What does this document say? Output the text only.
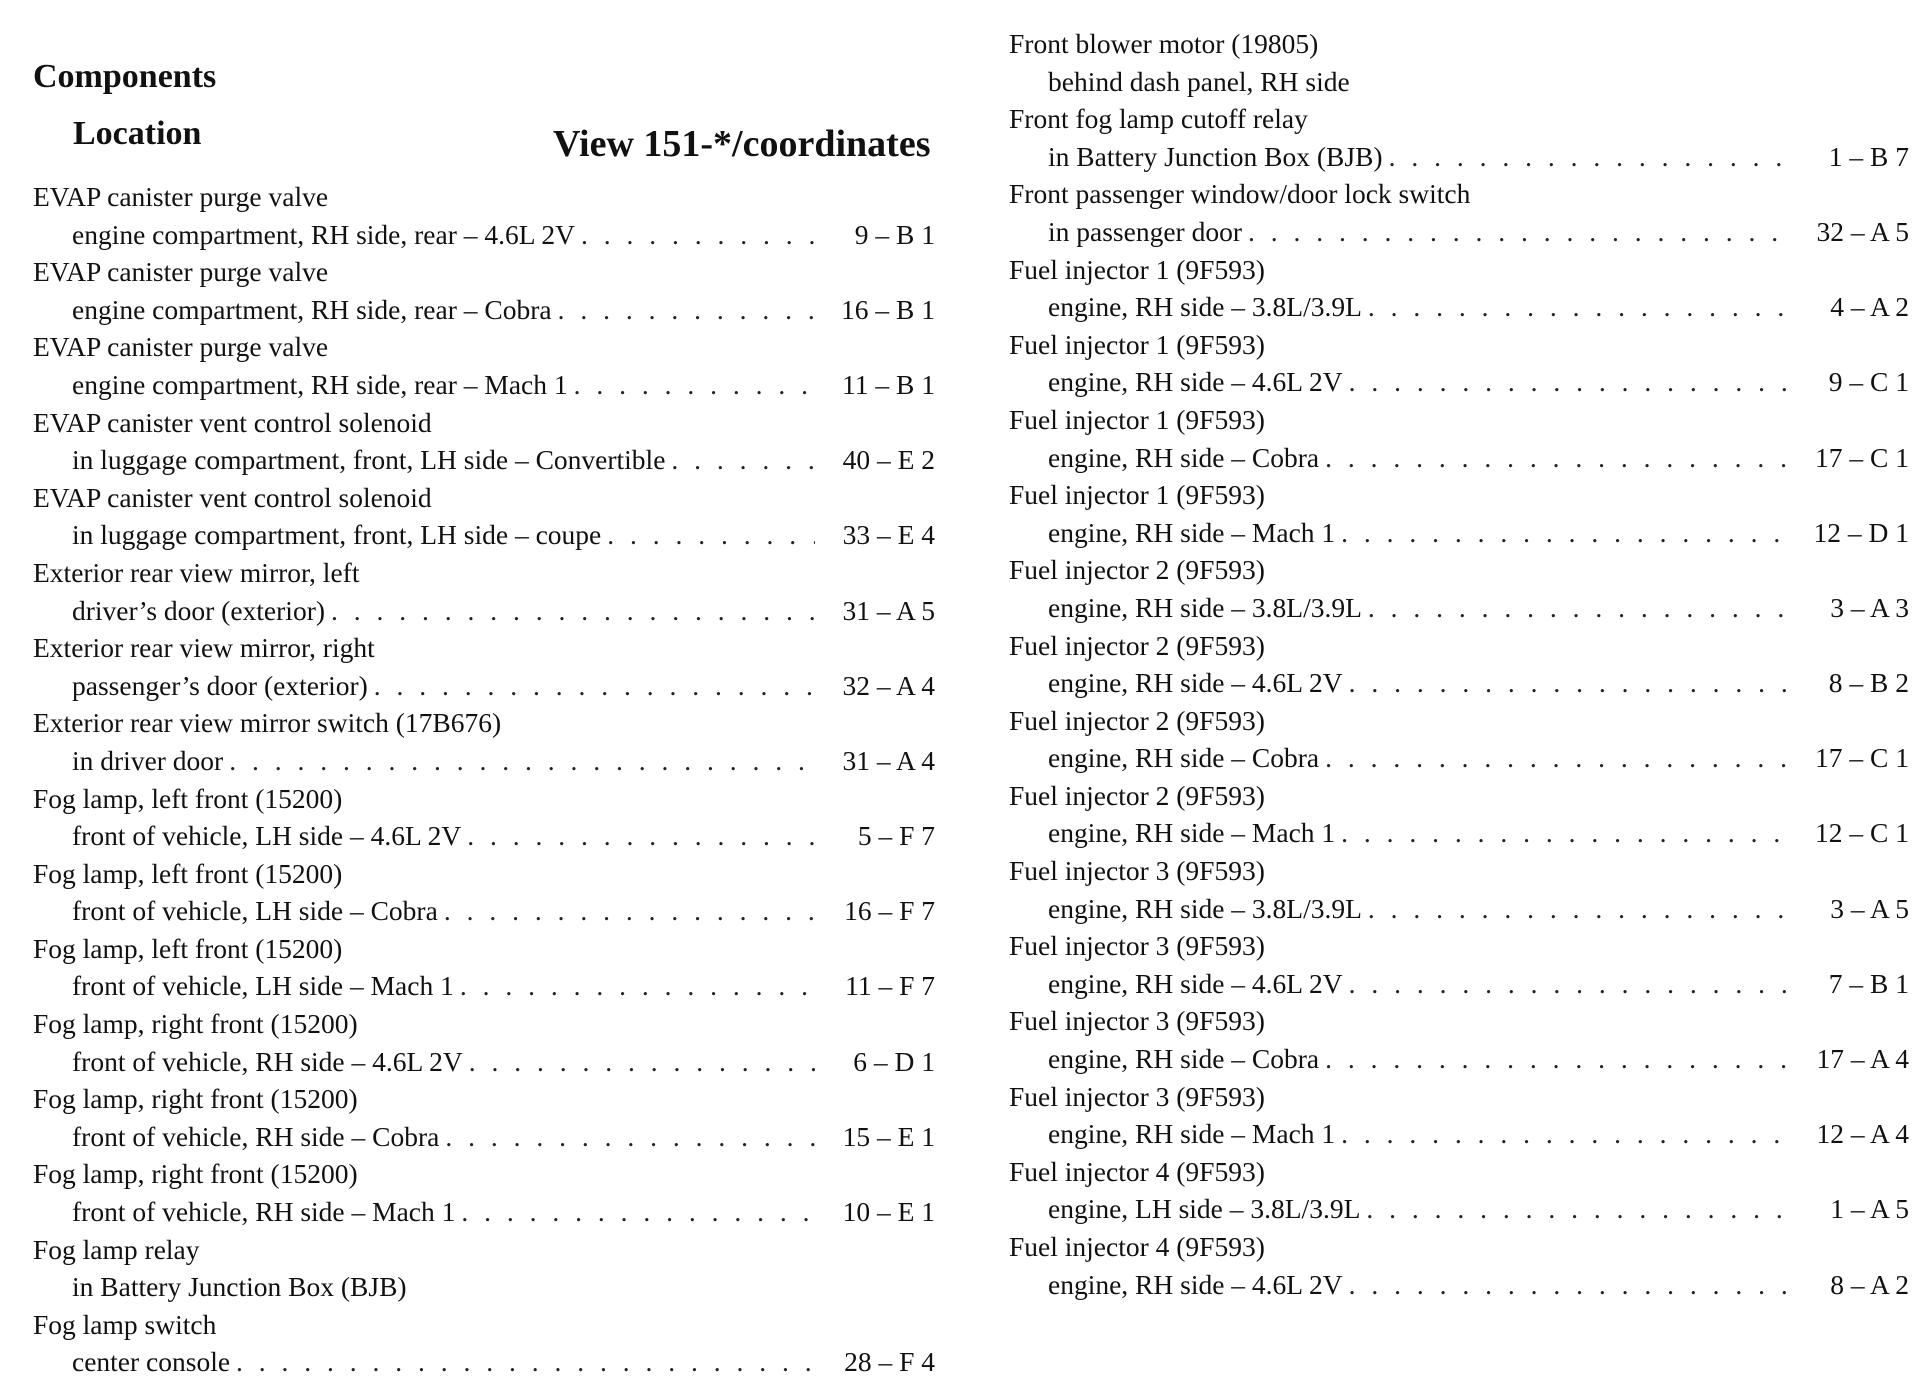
Components
Location	View 151-*/coordinates
EVAP canister purge valve
engine compartment, RH side, rear – 4.6L 2V . . .	9 – B 1
EVAP canister purge valve
engine compartment, RH side, rear – Cobra . . .	16 – B 1
EVAP canister purge valve
engine compartment, RH side, rear – Mach 1 . . .	11 – B 1
EVAP canister vent control solenoid
in luggage compartment, front, LH side – Convertible . . .	40 – E 2
EVAP canister vent control solenoid
in luggage compartment, front, LH side – coupe . . .	33 – E 4
Exterior rear view mirror, left
driver’s door (exterior) . . .	31 – A 5
Exterior rear view mirror, right
passenger’s door (exterior) . . .	32 – A 4
Exterior rear view mirror switch (17B676)
in driver door . . .	31 – A 4
Fog lamp, left front (15200)
front of vehicle, LH side – 4.6L 2V . . .	5 – F 7
Fog lamp, left front (15200)
front of vehicle, LH side – Cobra . . .	16 – F 7
Fog lamp, left front (15200)
front of vehicle, LH side – Mach 1 . . .	11 – F 7
Fog lamp, right front (15200)
front of vehicle, RH side – 4.6L 2V . . .	6 – D 1
Fog lamp, right front (15200)
front of vehicle, RH side – Cobra . . .	15 – E 1
Fog lamp, right front (15200)
front of vehicle, RH side – Mach 1 . . .	10 – E 1
Fog lamp relay
in Battery Junction Box (BJB)
Fog lamp switch
center console . . .	28 – F 4
Front blower motor (19805)
behind dash panel, RH side
Front fog lamp cutoff relay
in Battery Junction Box (BJB) . . .	1 – B 7
Front passenger window/door lock switch
in passenger door . . .	32 – A 5
Fuel injector 1 (9F593)
engine, RH side – 3.8L/3.9L . . .	4 – A 2
Fuel injector 1 (9F593)
engine, RH side – 4.6L 2V . . .	9 – C 1
Fuel injector 1 (9F593)
engine, RH side – Cobra . . .	17 – C 1
Fuel injector 1 (9F593)
engine, RH side – Mach 1 . . .	12 – D 1
Fuel injector 2 (9F593)
engine, RH side – 3.8L/3.9L . . .	3 – A 3
Fuel injector 2 (9F593)
engine, RH side – 4.6L 2V . . .	8 – B 2
Fuel injector 2 (9F593)
engine, RH side – Cobra . . .	17 – C 1
Fuel injector 2 (9F593)
engine, RH side – Mach 1 . . .	12 – C 1
Fuel injector 3 (9F593)
engine, RH side – 3.8L/3.9L . . .	3 – A 5
Fuel injector 3 (9F593)
engine, RH side – 4.6L 2V . . .	7 – B 1
Fuel injector 3 (9F593)
engine, RH side – Cobra . . .	17 – A 4
Fuel injector 3 (9F593)
engine, RH side – Mach 1 . . .	12 – A 4
Fuel injector 4 (9F593)
engine, LH side – 3.8L/3.9L . . .	1 – A 5
Fuel injector 4 (9F593)
engine, RH side – 4.6L 2V . . .	8 – A 2
